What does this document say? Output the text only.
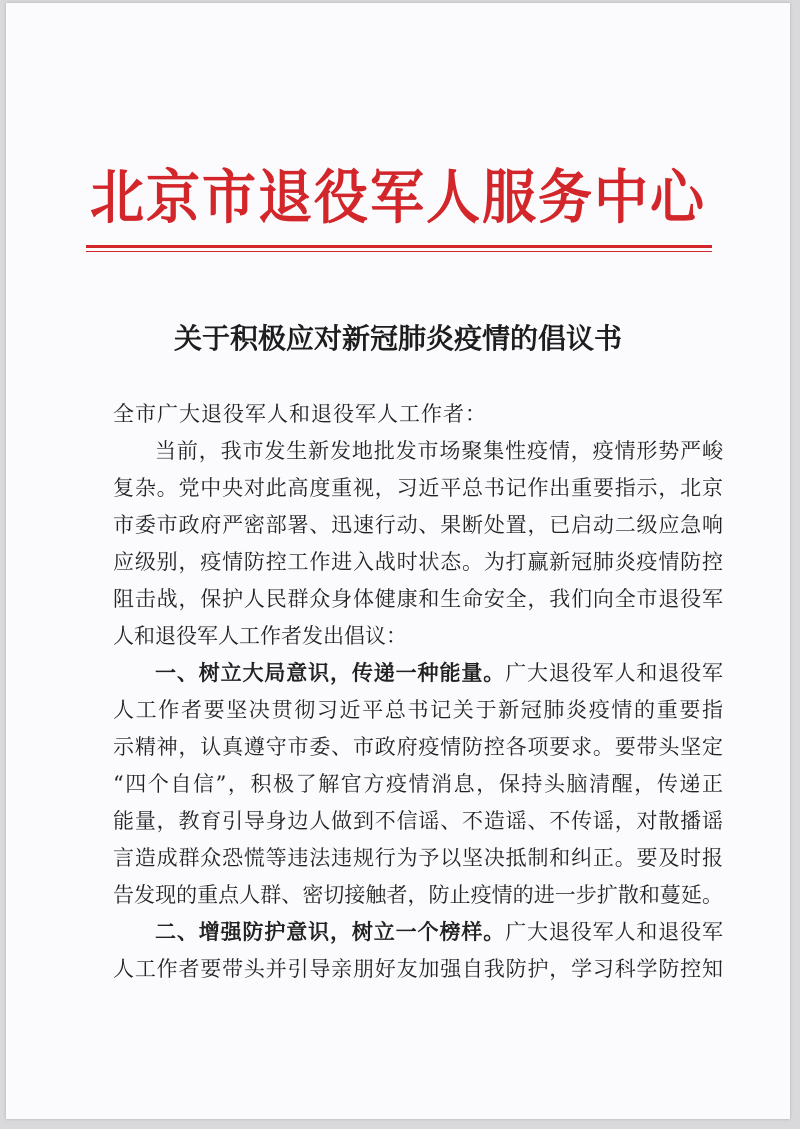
北京市退役军人服务中心
关于积极应对新冠肺炎疫情的倡议书
全市广大退役军人和退役军人工作者：
当前，我市发生新发地批发市场聚集性疫情，疫情形势严峻
复杂。党中央对此高度重视，习近平总书记作出重要指示，北京
市委市政府严密部署、迅速行动、果断处置，已启动二级应急响
应级别，疫情防控工作进入战时状态。为打赢新冠肺炎疫情防控
阻击战，保护人民群众身体健康和生命安全，我们向全市退役军
人和退役军人工作者发出倡议：
一、树立大局意识，传递一种能量。广大退役军人和退役军
人工作者要坚决贯彻习近平总书记关于新冠肺炎疫情的重要指
示精神，认真遵守市委、市政府疫情防控各项要求。要带头坚定
“四个自信”，积极了解官方疫情消息，保持头脑清醒，传递正
能量，教育引导身边人做到不信谣、不造谣、不传谣，对散播谣
言造成群众恐慌等违法违规行为予以坚决抵制和纠正。要及时报
告发现的重点人群、密切接触者，防止疫情的进一步扩散和蔓延。
二、增强防护意识，树立一个榜样。广大退役军人和退役军
人工作者要带头并引导亲朋好友加强自我防护，学习科学防控知
